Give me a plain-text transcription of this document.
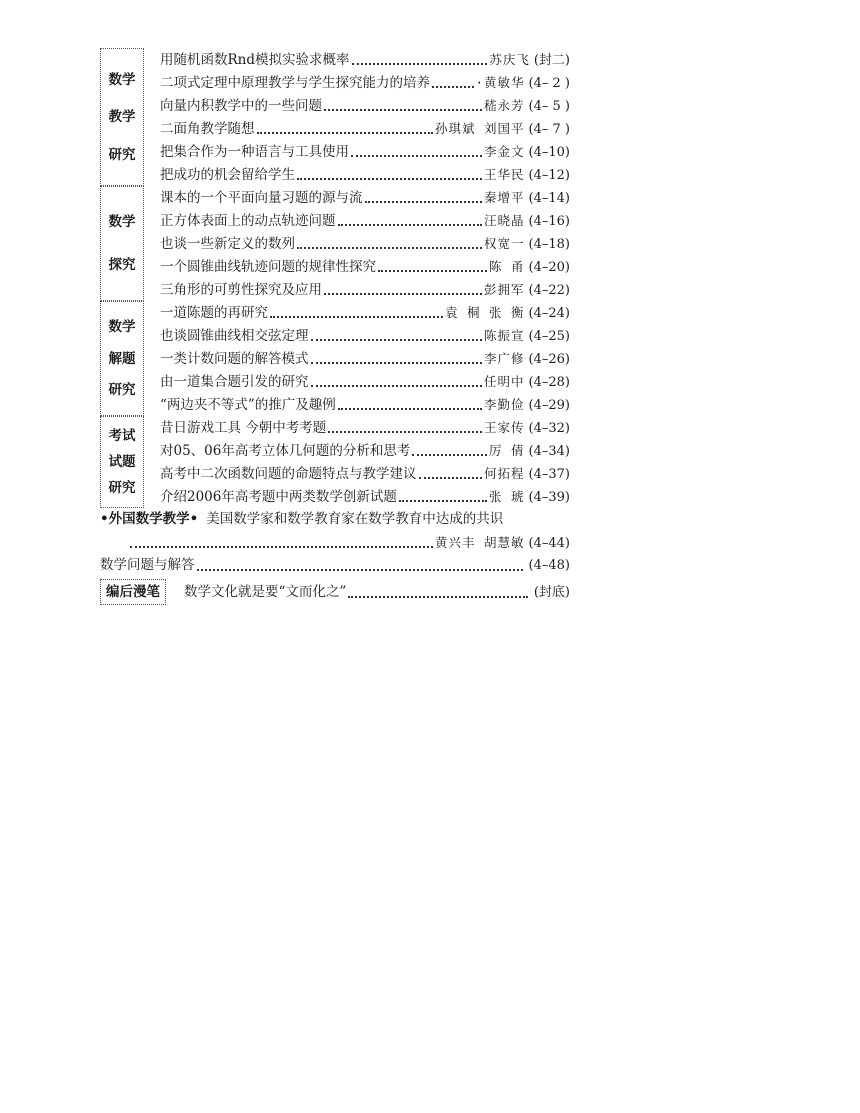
数学
教学
研究
用随机函数Rnd模拟实验求概率	苏庆飞 (封二)
二项式定理中原理教学与学生探究能力的培养	·黄敏华 (4– 2 )
向量内积教学中的一些问题	嵇永芳 (4– 5 )
二面角教学随想	孙琪斌 刘国平 (4– 7 )
把集合作为一种语言与工具使用	李金文 (4–10)
把成功的机会留给学生	王华民 (4–12)
数学
探究
课本的一个平面向量习题的源与流	秦增平 (4–14)
正方体表面上的动点轨迹问题	汪晓晶 (4–16)
也谈一些新定义的数列	权宽一 (4–18)
一个圆锥曲线轨迹问题的规律性探究	陈 甬 (4–20)
三角形的可剪性探究及应用	彭拥军 (4–22)
数学
解题
研究
一道陈题的再研究	袁 桐 张 衡 (4–24)
也谈圆锥曲线相交弦定理	陈振宣 (4–25)
一类计数问题的解答模式	李广修 (4–26)
由一道集合题引发的研究	任明中 (4–28)
“两边夹不等式”的推广及趣例	李勤俭 (4–29)
考试
试题
研究
昔日游戏工具 今朝中考考题	王家传 (4–32)
对05、06年高考立体几何题的分析和思考	厉 倩 (4–34)
高考中二次函数问题的命题特点与教学建议	何拓程 (4–37)
介绍2006年高考题中两类数学创新试题	张 琥 (4–39)
•外国数学教学• 美国数学家和数学教育家在数学教育中达成的共识
黄兴丰 胡慧敏 (4–44)
数学问题与解答	(4–48)
编后漫笔	数学文化就是要“文而化之”	(封底)
